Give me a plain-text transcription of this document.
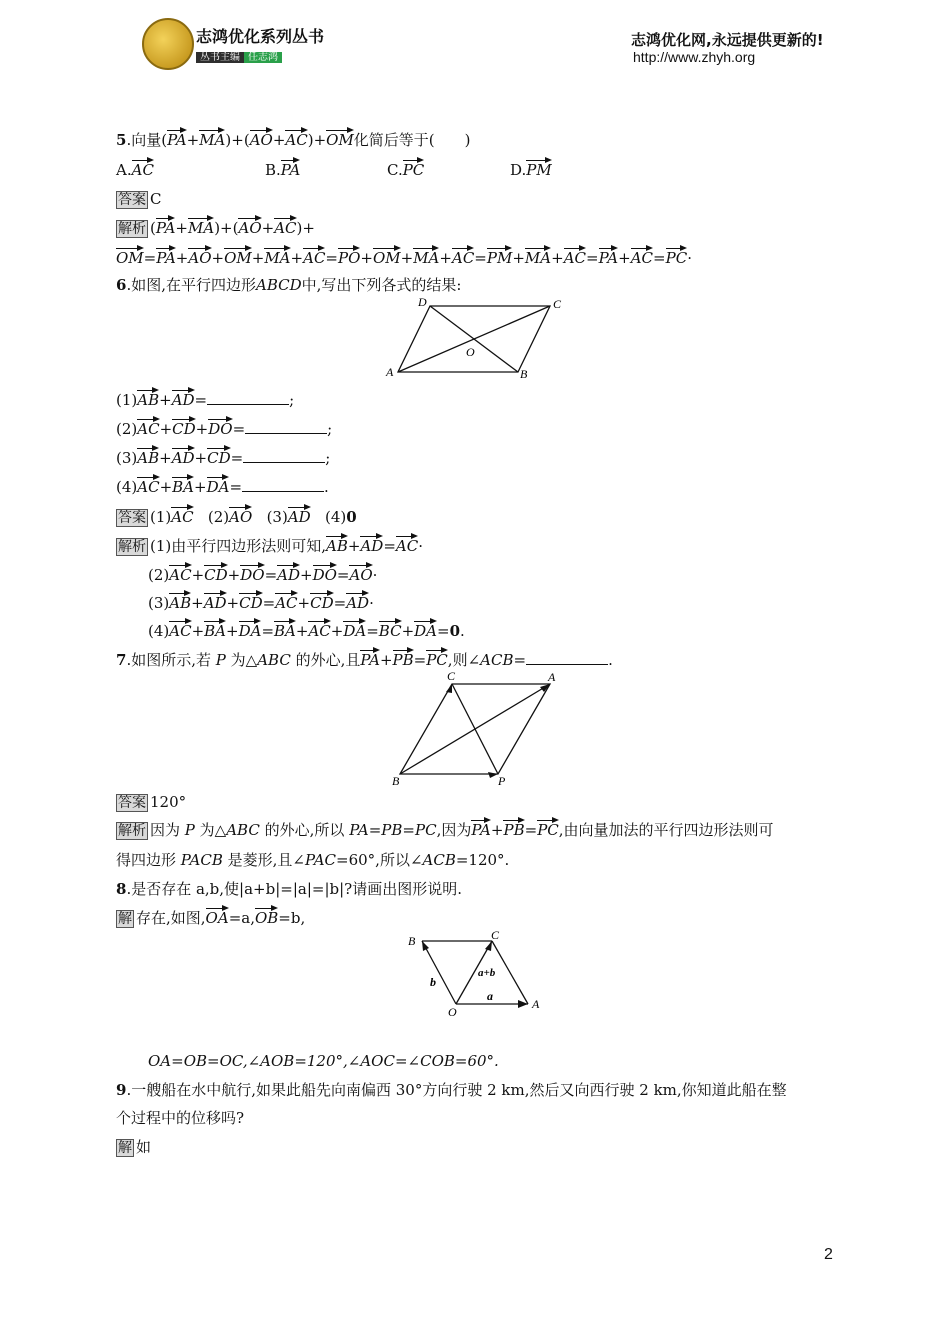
志鸿优化系列丛书
丛书主编 任志鸿
志鸿优化网,永远提供更新的!
http://www.zhyh.org
5.向量(PA+MA)+(AO+AC)+OM化简后等于(　　)
A.AC	B.PA	C.PC	D.PM
答案 C
解析 (PA+MA)+(AO+AC)+
OM=PA+AO+OM+MA+AC=PO+OM+MA+AC=PM+MA+AC=PA+AC=PC·
6.如图,在平行四边形ABCD中,写出下列各式的结果:
D	C
O
A	B
(1)AB+AD=	;
(2)AC+CD+DO=	;
(3)AB+AD+CD=	;
(4)AC+BA+DA=	.
答案 (1)AC (2)AO (3)AD (4)0
解析 (1)由平行四边形法则可知,AB+AD=AC·
(2)AC+CD+DO=AD+DO=AO·
(3)AB+AD+CD=AC+CD=AD·
(4)AC+BA+DA=BA+AC+DA=BC+DA=0.
7.如图所示,若 P 为△ABC 的外心,且PA+PB=PC,则∠ACB=	.
C	A
B	P
答案 120°
解析 因为 P 为△ABC 的外心,所以 PA=PB=PC,因为PA+PB=PC,由向量加法的平行四边形法则可
得四边形 PACB 是菱形,且∠PAC=60°,所以∠ACB=120°.
8.是否存在 a,b,使|a+b|=|a|=|b|?请画出图形说明.
解 存在,如图,OA=a,OB=b,
B	C
O
A
a+b
a
b
OA=OB=OC,∠AOB=120°,∠AOC=∠COB=60°.
9.一艘船在水中航行,如果此船先向南偏西 30°方向行驶 2 km,然后又向西行驶 2 km,你知道此船在整
个过程中的位移吗?
解 如
2
